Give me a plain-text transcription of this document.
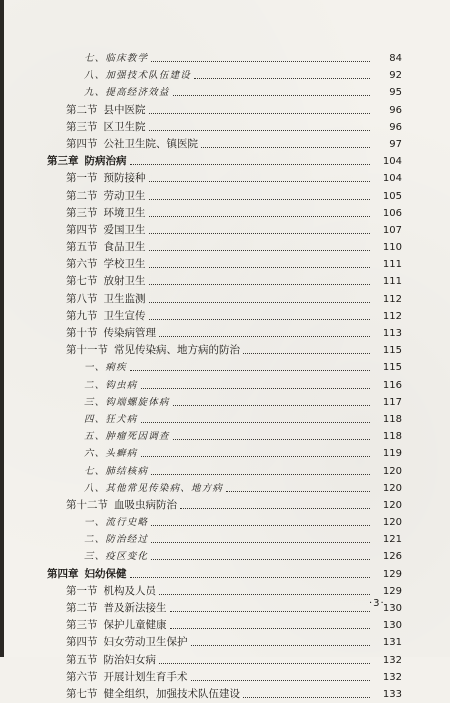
七、临床教学	84
八、加强技术队伍建设	92
九、提高经济效益	95
第二节 县中医院	96
第三节 区卫生院	96
第四节 公社卫生院、镇医院	97
第三章 防病治病	104
第一节 预防接种	104
第二节 劳动卫生	105
第三节 环境卫生	106
第四节 爱国卫生	107
第五节 食品卫生	110
第六节 学校卫生	111
第七节 放射卫生	111
第八节 卫生监测	112
第九节 卫生宣传	112
第十节 传染病管理	113
第十一节 常见传染病、地方病的防治	115
一、痢疾	115
二、钩虫病	116
三、钩端螺旋体病	117
四、狂犬病	118
五、肿瘤死因调查	118
六、头癣病	119
七、肺结核病	120
八、其他常见传染病、地方病	120
第十二节 血吸虫病防治	120
一、流行史略	120
二、防治经过	121
三、疫区变化	126
第四章 妇幼保健	129
第一节 机构及人员	129
第二节 普及新法接生	130
第三节 保护儿童健康	130
第四节 妇女劳动卫生保护	131
第五节 防治妇女病	132
第六节 开展计划生育手术	132
第七节 健全组织，加强技术队伍建设	133
·3·
